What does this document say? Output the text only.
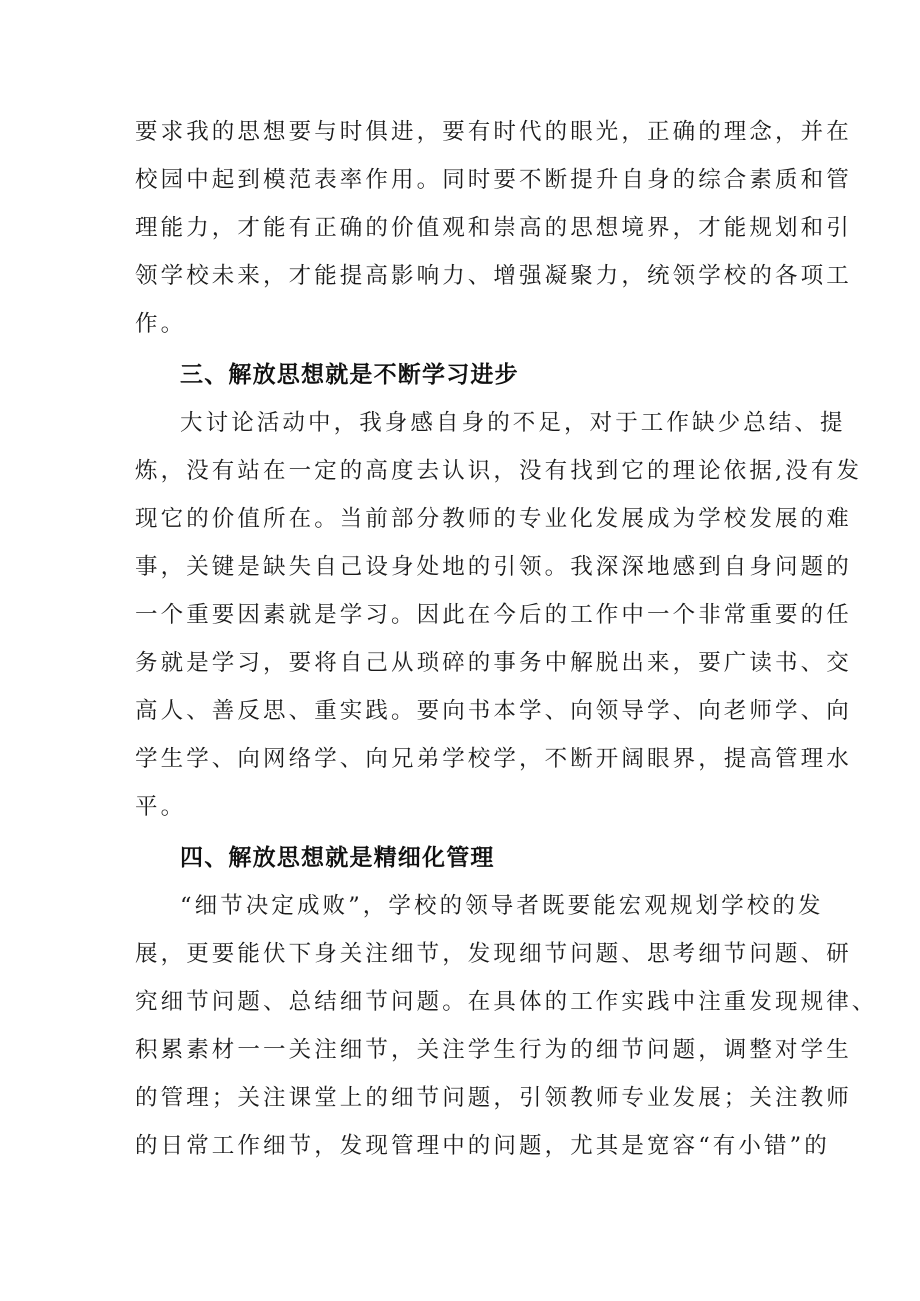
要求我的思想要与时俱进，要有时代的眼光，正确的理念，并在
校园中起到模范表率作用。同时要不断提升自身的综合素质和管
理能力，才能有正确的价值观和崇高的思想境界，才能规划和引
领学校未来，才能提高影响力、增强凝聚力，统领学校的各项工
作。
三、解放思想就是不断学习进步
大讨论活动中，我身感自身的不足，对于工作缺少总结、提
炼，没有站在一定的高度去认识，没有找到它的理论依据,没有发
现它的价值所在。当前部分教师的专业化发展成为学校发展的难
事，关键是缺失自己设身处地的引领。我深深地感到自身问题的
一个重要因素就是学习。因此在今后的工作中一个非常重要的任
务就是学习，要将自己从琐碎的事务中解脱出来，要广读书、交
高人、善反思、重实践。要向书本学、向领导学、向老师学、向
学生学、向网络学、向兄弟学校学，不断开阔眼界，提高管理水
平。
四、解放思想就是精细化管理
“细节决定成败”，学校的领导者既要能宏观规划学校的发
展，更要能伏下身关注细节，发现细节问题、思考细节问题、研
究细节问题、总结细节问题。在具体的工作实践中注重发现规律、
积累素材一一关注细节，关注学生行为的细节问题，调整对学生
的管理；关注课堂上的细节问题，引领教师专业发展；关注教师
的日常工作细节，发现管理中的问题，尤其是宽容“有小错”的
